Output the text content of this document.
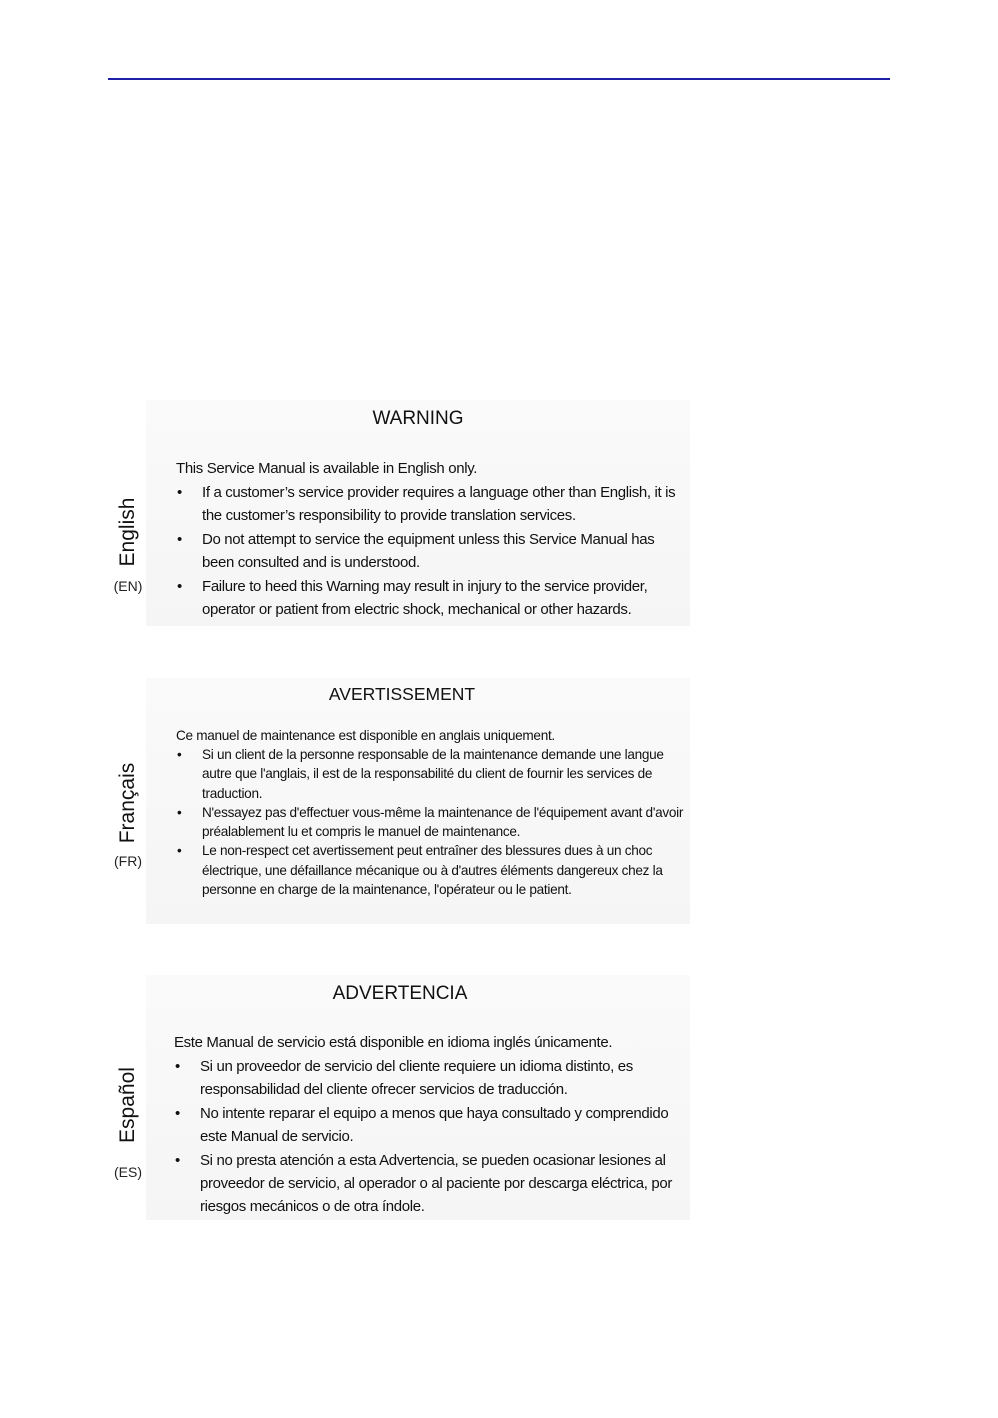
English
(EN)
WARNING
This Service Manual is available in English only.
• If a customer’s service provider requires a language other than English, it is the customer’s responsibility to provide translation services.
• Do not attempt to service the equipment unless this Service Manual has been consulted and is understood.
• Failure to heed this Warning may result in injury to the service provider, operator or patient from electric shock, mechanical or other hazards.
Français
(FR)
AVERTISSEMENT
Ce manuel de maintenance est disponible en anglais uniquement.
• Si un client de la personne responsable de la maintenance demande une langue autre que l'anglais, il est de la responsabilité du client de fournir les services de traduction.
• N'essayez pas d'effectuer vous-même la maintenance de l'équipement avant d'avoir préalablement lu et compris le manuel de maintenance.
• Le non-respect cet avertissement peut entraîner des blessures dues à un choc électrique, une défaillance mécanique ou à d'autres éléments dangereux chez la personne en charge de la maintenance, l'opérateur ou le patient.
Español
(ES)
ADVERTENCIA
Este Manual de servicio está disponible en idioma inglés únicamente.
• Si un proveedor de servicio del cliente requiere un idioma distinto, es responsabilidad del cliente ofrecer servicios de traducción.
• No intente reparar el equipo a menos que haya consultado y comprendido este Manual de servicio.
• Si no presta atención a esta Advertencia, se pueden ocasionar lesiones al proveedor de servicio, al operador o al paciente por descarga eléctrica, por riesgos mecánicos o de otra índole.
